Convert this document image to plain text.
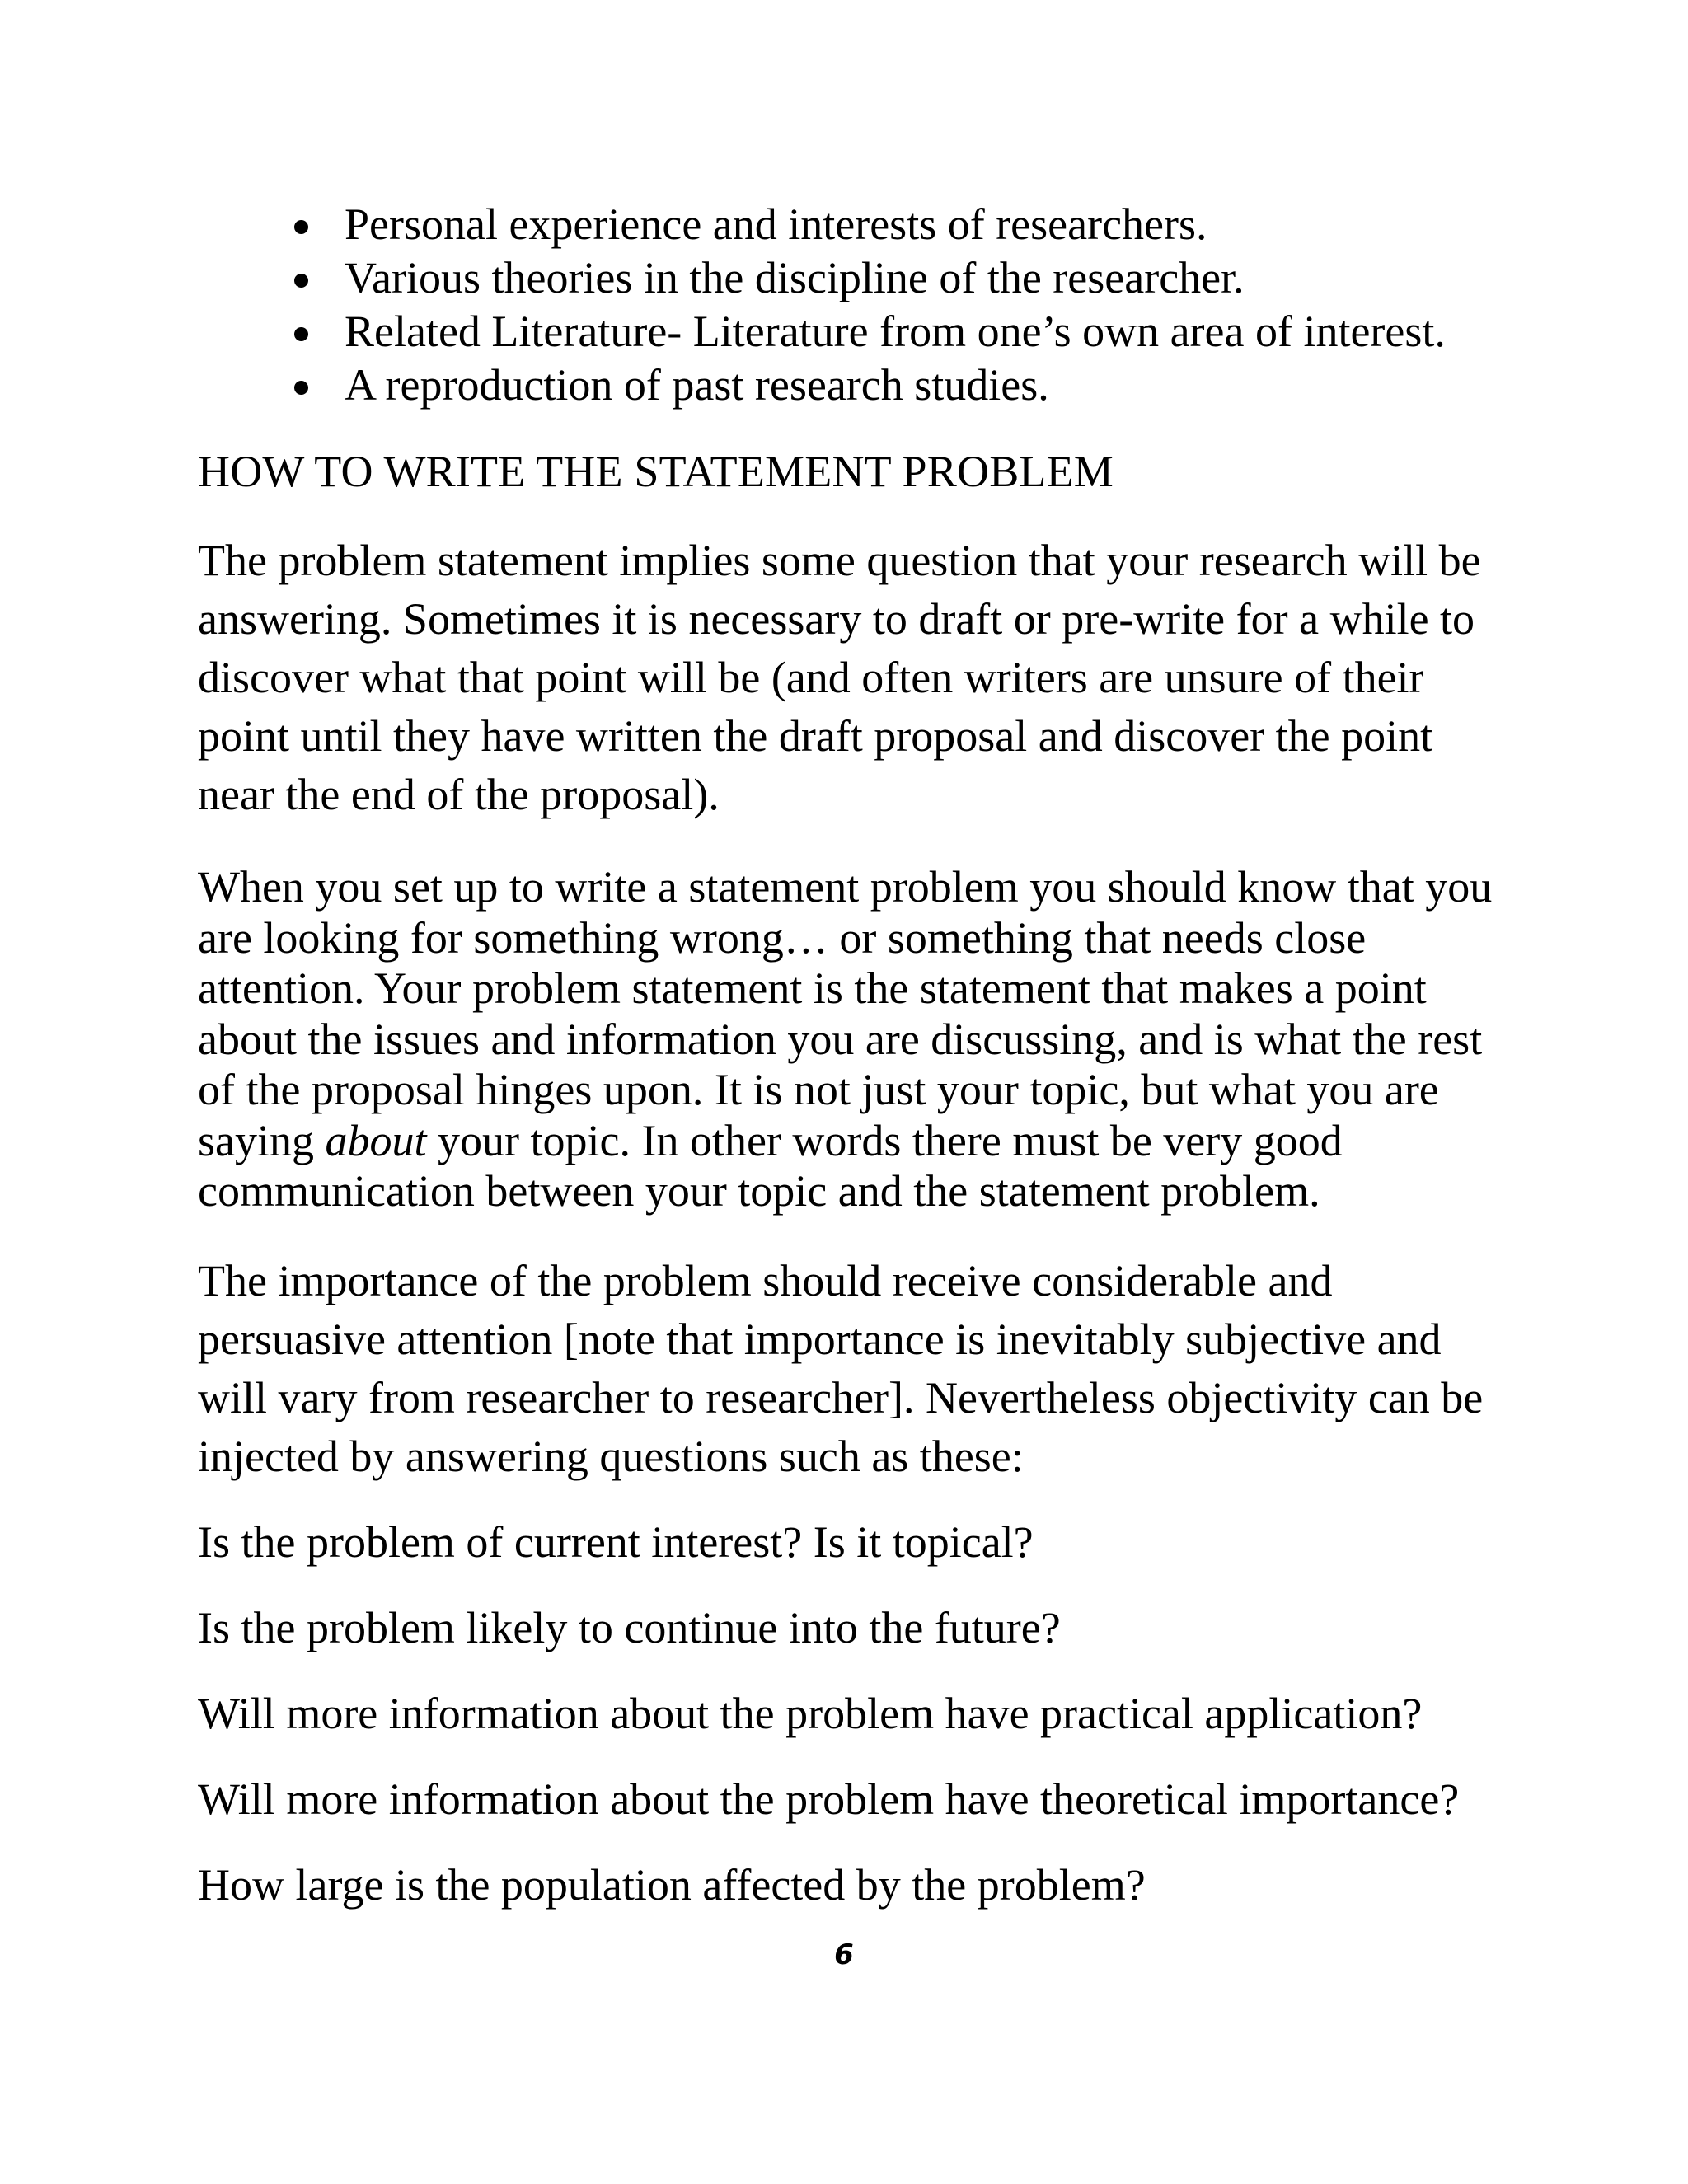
Personal experience and interests of researchers.
Various theories in the discipline of the researcher.
Related Literature- Literature from one’s own area of interest.
A reproduction of past research studies.
HOW TO WRITE THE STATEMENT PROBLEM

The problem statement implies some question that your research will be answering. Sometimes it is necessary to draft or pre-write for a while to discover what that point will be (and often writers are unsure of their point until they have written the draft proposal and discover the point near the end of the proposal).

When you set up to write a statement problem you should know that you are looking for something wrong… or something that needs close attention. Your problem statement is the statement that makes a point about the issues and information you are discussing, and is what the rest of the proposal hinges upon. It is not just your topic, but what you are saying about your topic. In other words there must be very good communication between your topic and the statement problem.

The importance of the problem should receive considerable and persuasive attention [note that importance is inevitably subjective and will vary from researcher to researcher]. Nevertheless objectivity can be injected by answering questions such as these:

Is the problem of current interest? Is it topical?

Is the problem likely to continue into the future?

Will more information about the problem have practical application?

Will more information about the problem have theoretical importance?

How large is the population affected by the problem?

6
